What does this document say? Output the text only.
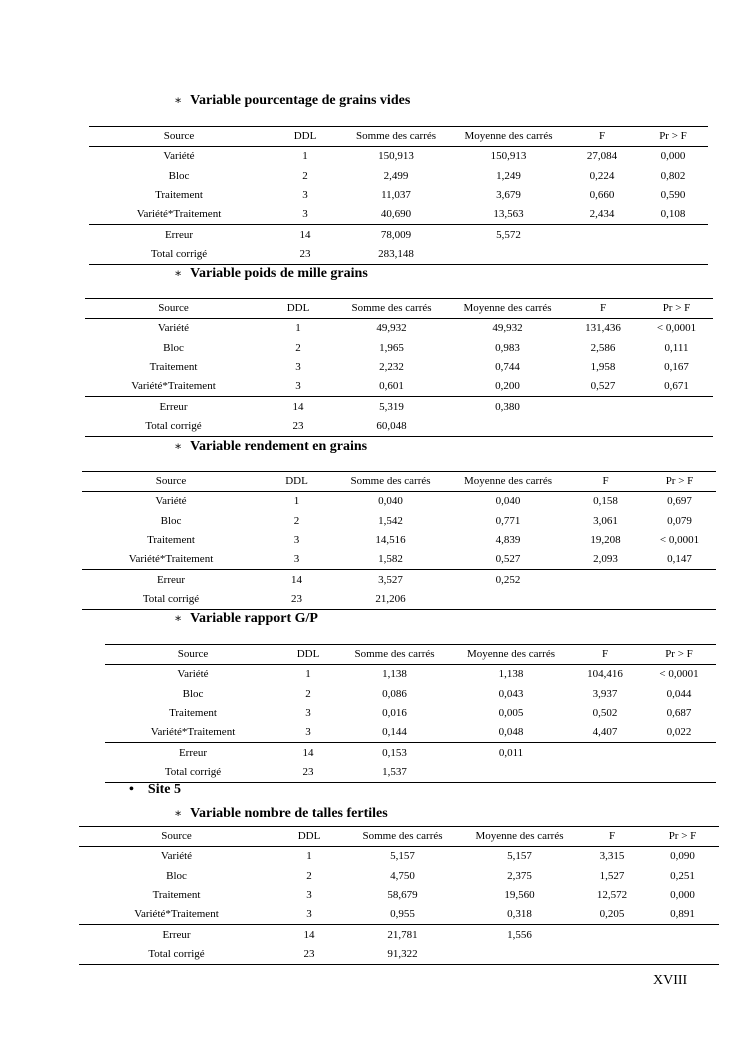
∗ Variable pourcentage de grains vides
Source	DDL	Somme des carrés	Moyenne des carrés	F	Pr > F
Variété	1	150,913	150,913	27,084	0,000
Bloc	2	2,499	1,249	0,224	0,802
Traitement	3	11,037	3,679	0,660	0,590
Variété*Traitement	3	40,690	13,563	2,434	0,108
Erreur	14	78,009	5,572		
Total corrigé	23	283,148			
∗ Variable poids de mille grains
Source	DDL	Somme des carrés	Moyenne des carrés	F	Pr > F
Variété	1	49,932	49,932	131,436	< 0,0001
Bloc	2	1,965	0,983	2,586	0,111
Traitement	3	2,232	0,744	1,958	0,167
Variété*Traitement	3	0,601	0,200	0,527	0,671
Erreur	14	5,319	0,380		
Total corrigé	23	60,048			
∗ Variable rendement en grains
Source	DDL	Somme des carrés	Moyenne des carrés	F	Pr > F
Variété	1	0,040	0,040	0,158	0,697
Bloc	2	1,542	0,771	3,061	0,079
Traitement	3	14,516	4,839	19,208	< 0,0001
Variété*Traitement	3	1,582	0,527	2,093	0,147
Erreur	14	3,527	0,252		
Total corrigé	23	21,206			
∗ Variable rapport G/P
Source	DDL	Somme des carrés	Moyenne des carrés	F	Pr > F
Variété	1	1,138	1,138	104,416	< 0,0001
Bloc	2	0,086	0,043	3,937	0,044
Traitement	3	0,016	0,005	0,502	0,687
Variété*Traitement	3	0,144	0,048	4,407	0,022
Erreur	14	0,153	0,011		
Total corrigé	23	1,537			
• Site 5
∗ Variable nombre de talles fertiles
Source	DDL	Somme des carrés	Moyenne des carrés	F	Pr > F
Variété	1	5,157	5,157	3,315	0,090
Bloc	2	4,750	2,375	1,527	0,251
Traitement	3	58,679	19,560	12,572	0,000
Variété*Traitement	3	0,955	0,318	0,205	0,891
Erreur	14	21,781	1,556		
Total corrigé	23	91,322			
XVIII
